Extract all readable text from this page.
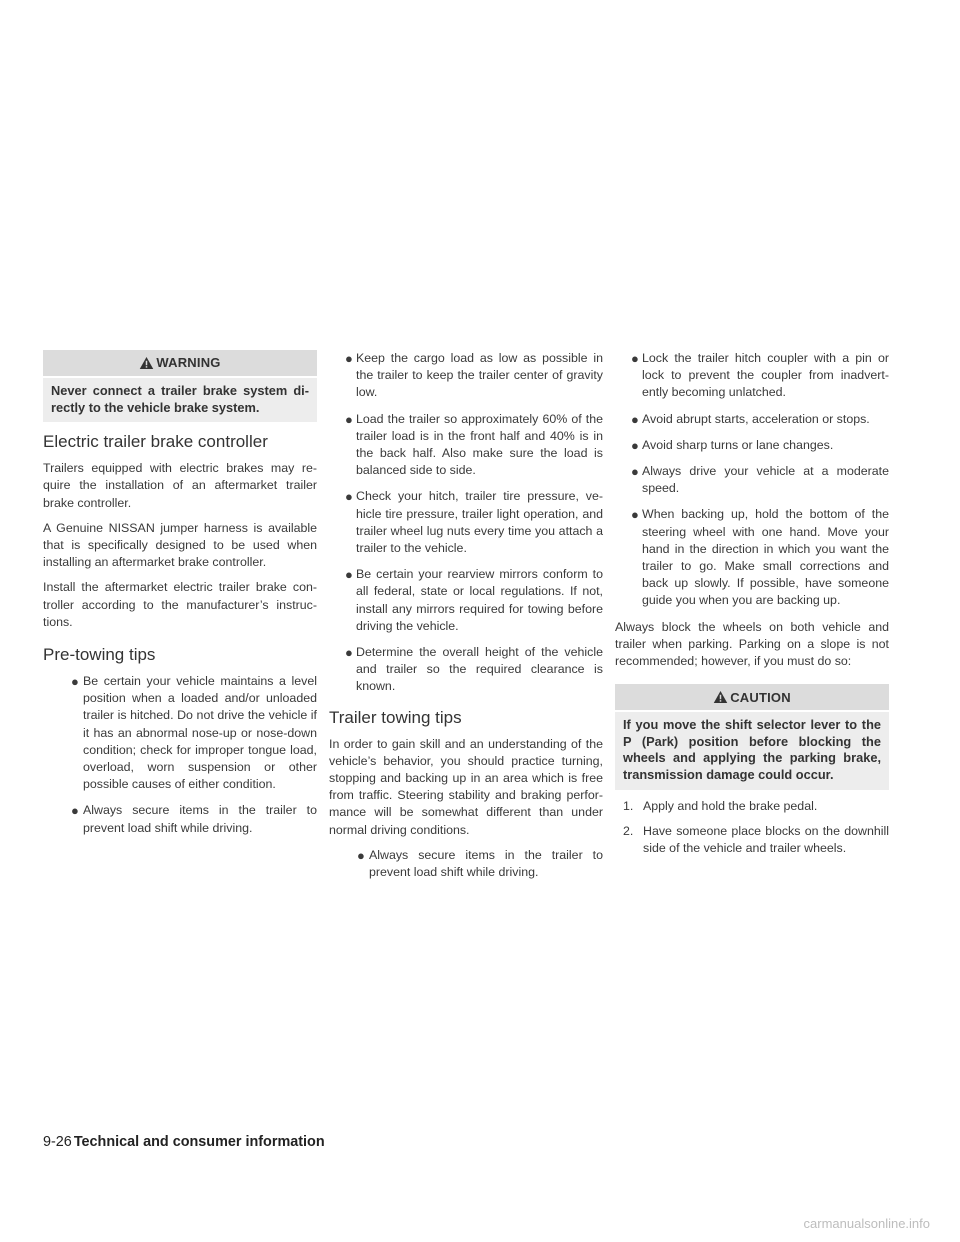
WARNING
Never connect a trailer brake system di- rectly to the vehicle brake system.
Electric trailer brake controller

Trailers equipped with electric brakes may re- quire the installation of an aftermarket trailer brake controller.

A Genuine NISSAN jumper harness is available that is specifically designed to be used when installing an aftermarket brake controller.

Install the aftermarket electric trailer brake con- troller according to the manufacturer’s instruc- tions.

Pre-towing tips
● Be certain your vehicle maintains a level position when a loaded and/or unloaded trailer is hitched. Do not drive the vehicle if it has an abnormal nose-up or nose-down condition; check for improper tongue load, overload, worn suspension or other possible causes of either condition.
● Always secure items in the trailer to prevent load shift while driving.
● Keep the cargo load as low as possible in the trailer to keep the trailer center of gravity low.
● Load the trailer so approximately 60% of the trailer load is in the front half and 40% is in the back half. Also make sure the load is balanced side to side.
● Check your hitch, trailer tire pressure, ve- hicle tire pressure, trailer light operation, and trailer wheel lug nuts every time you attach a trailer to the vehicle.
● Be certain your rearview mirrors conform to all federal, state or local regulations. If not, install any mirrors required for towing before driving the vehicle.
● Determine the overall height of the vehicle and trailer so the required clearance is known.
Trailer towing tips

In order to gain skill and an understanding of the vehicle’s behavior, you should practice turning, stopping and backing up in an area which is free from traffic. Steering stability and braking perfor- mance will be somewhat different than under normal driving conditions.

● Always secure items in the trailer to prevent load shift while driving.
● Lock the trailer hitch coupler with a pin or lock to prevent the coupler from inadvert- ently becoming unlatched.
● Avoid abrupt starts, acceleration or stops.
● Avoid sharp turns or lane changes.
● Always drive your vehicle at a moderate speed.
● When backing up, hold the bottom of the steering wheel with one hand. Move your hand in the direction in which you want the trailer to go. Make small corrections and back up slowly. If possible, have someone guide you when you are backing up.

Always block the wheels on both vehicle and trailer when parking. Parking on a slope is not recommended; however, if you must do so:

CAUTION
If you move the shift selector lever to the P (Park) position before blocking the wheels and applying the parking brake, transmission damage could occur.
1. Apply and hold the brake pedal.
2. Have someone place blocks on the downhill side of the vehicle and trailer wheels.
9-26 Technical and consumer information
carmanualsonline.info
